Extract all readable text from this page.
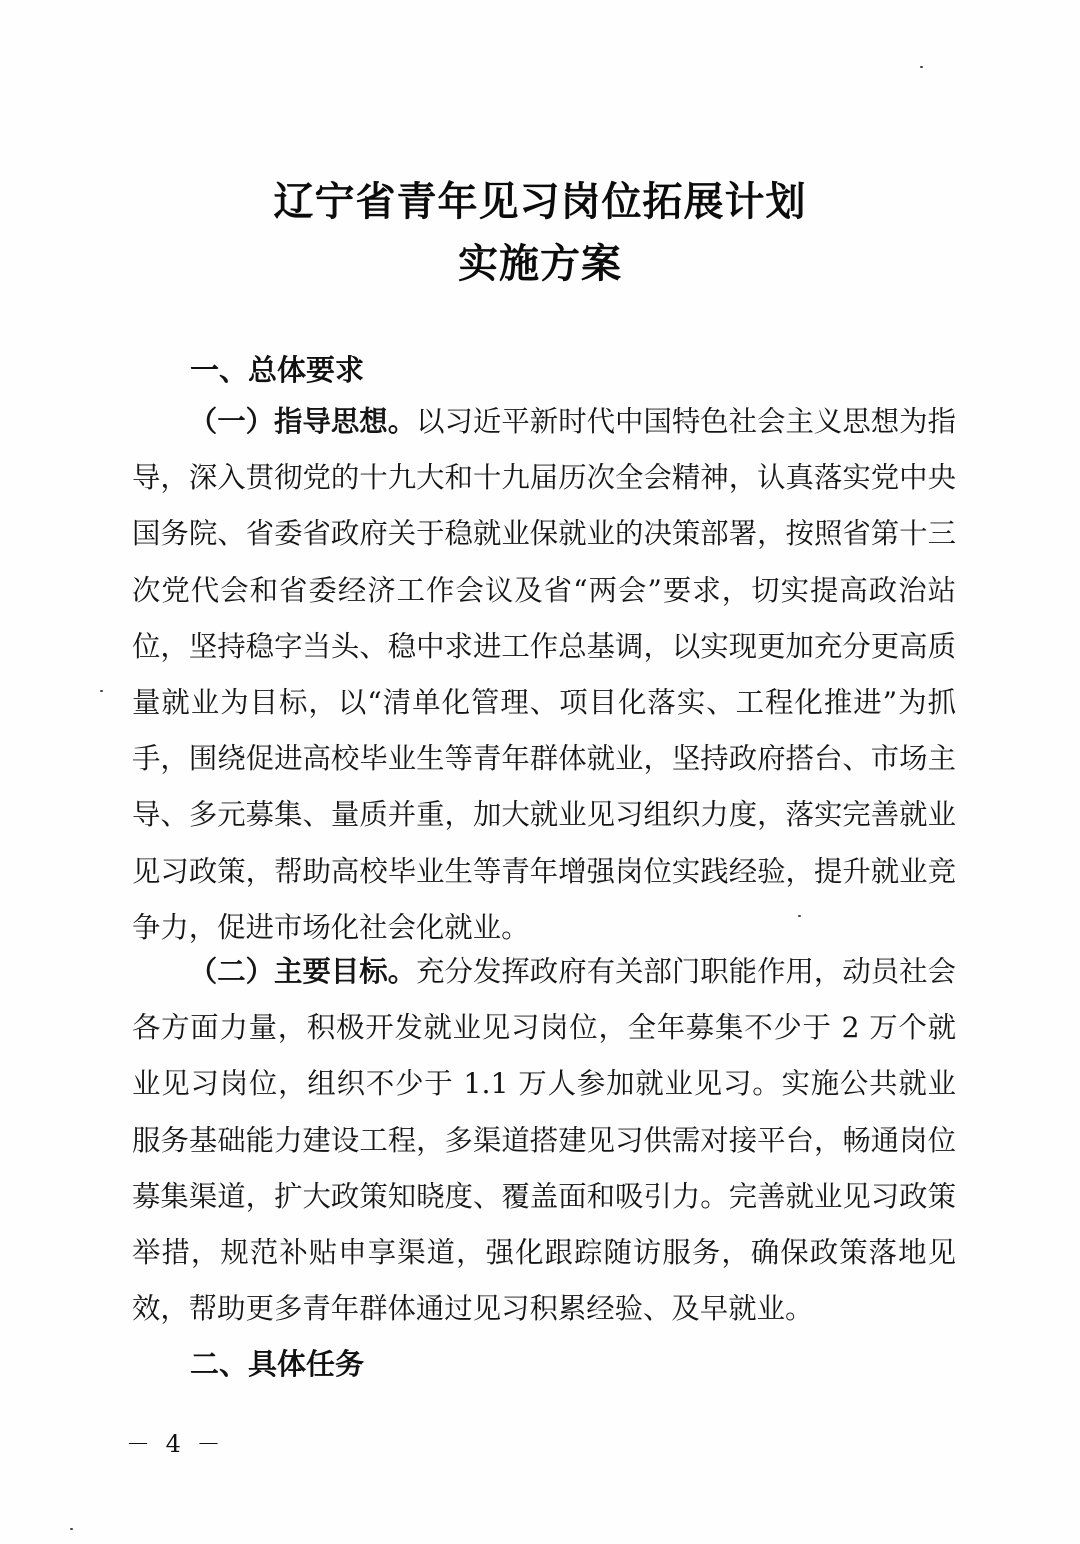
辽宁省青年见习岗位拓展计划
实施方案
一、总体要求
（一）指导思想。以习近平新时代中国特色社会主义思想为指导，深入贯彻党的十九大和十九届历次全会精神，认真落实党中央国务院、省委省政府关于稳就业保就业的决策部署，按照省第十三次党代会和省委经济工作会议及省“两会”要求，切实提高政治站位，坚持稳字当头、稳中求进工作总基调，以实现更加充分更高质量就业为目标，以“清单化管理、项目化落实、工程化推进”为抓手，围绕促进高校毕业生等青年群体就业，坚持政府搭台、市场主导、多元募集、量质并重，加大就业见习组织力度，落实完善就业见习政策，帮助高校毕业生等青年增强岗位实践经验，提升就业竞争力，促进市场化社会化就业。
（二）主要目标。充分发挥政府有关部门职能作用，动员社会各方面力量，积极开发就业见习岗位，全年募集不少于 2 万个就业见习岗位，组织不少于 1.1 万人参加就业见习。实施公共就业服务基础能力建设工程，多渠道搭建见习供需对接平台，畅通岗位募集渠道，扩大政策知晓度、覆盖面和吸引力。完善就业见习政策举措，规范补贴申享渠道，强化跟踪随访服务，确保政策落地见效，帮助更多青年群体通过见习积累经验、及早就业。
二、具体任务
－ 4 －
